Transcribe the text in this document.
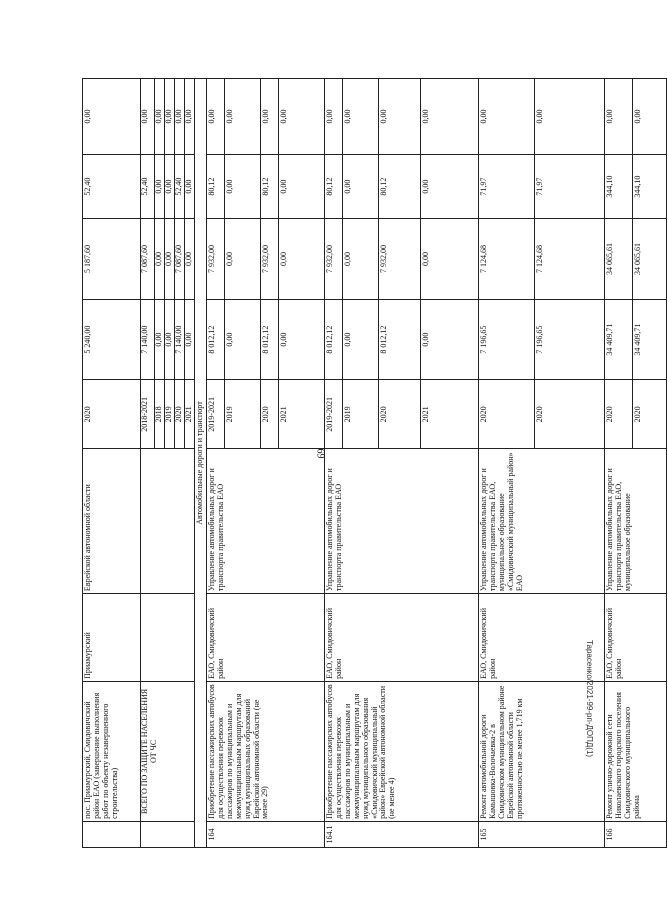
69
Тарасенко/2021-99-рп-ДОПД(1)
	пос. Приамурский, Смидовичский район ЕАО (завершение выполнения работ по объекту незавершенного строительства)	Приамурский	Еврейской автономной области	2020	5 240,00	5 187,60	52,40	0,00
	ВСЕГО ПО ЗАЩИТЕ НАСЕЛЕНИЯ ОТ ЧС			2018-2021	7 140,00	7 087,60	52,40	0,00
				2018	0,00	0,00	0,00	0,00
				2019	0,00	0,00	0,00	0,00
				2020	7 140,00	7 087,60	52,40	0,00
				2021	0,00	0,00	0,00	0,00
Автомобильные дороги и транспорт								
164	Приобретение пассажирских автобусов для осуществления перевозок пассажиров по муниципальным и межмуниципальным маршрутам для нужд муниципальных образований Еврейской автономной области (не менее 29)	ЕАО, Смидовичский район	Управление автомобильных дорог и транспорта правительства ЕАО	2019-2021	8 012,12	7 932,00	80,12	0,00
				2019	0,00	0,00	0,00	0,00
				2020	8 012,12	7 932,00	80,12	0,00
				2021	0,00	0,00	0,00	0,00
164.1	Приобретение пассажирских автобусов для осуществления перевозок пассажиров по муниципальным и межмуниципальным маршрутам для нужд муниципального образования «Смидовичский муниципальный район» Еврейской автономной области (не менее 4)	ЕАО, Смидовичский район	Управление автомобильных дорог и транспорта правительства ЕАО	2019-2021	8 012,12	7 932,00	80,12	0,00
				2019	0,00	0,00	0,00	0,00
				2020	8 012,12	7 932,00	80,12	0,00
				2021	0,00	0,00	0,00	0,00
165	Ремонт автомобильной дороги Камышовка-Волочаевка-2 в Смидовичском муниципальном районе Еврейской автономной области протяженностью не менее 1,719 км	ЕАО, Смидовичский район	Управление автомобильных дорог и транспорта правительства ЕАО, муниципальное образование «Смидовичский муниципальный район» ЕАО	2020	7 196,65	7 124,68	71,97	0,00
				2020	7 196,65	7 124,68	71,97	0,00
166	Ремонт улично-дорожной сети Николаевского городского поселения Смидовичского муниципального района	ЕАО, Смидовичский район	Управление автомобильных дорог и транспорта правительства ЕАО, муниципальное образование	2020	34 409,71	34 065,61	344,10	0,00
				2020	34 409,71	34 065,61	344,10	0,00
